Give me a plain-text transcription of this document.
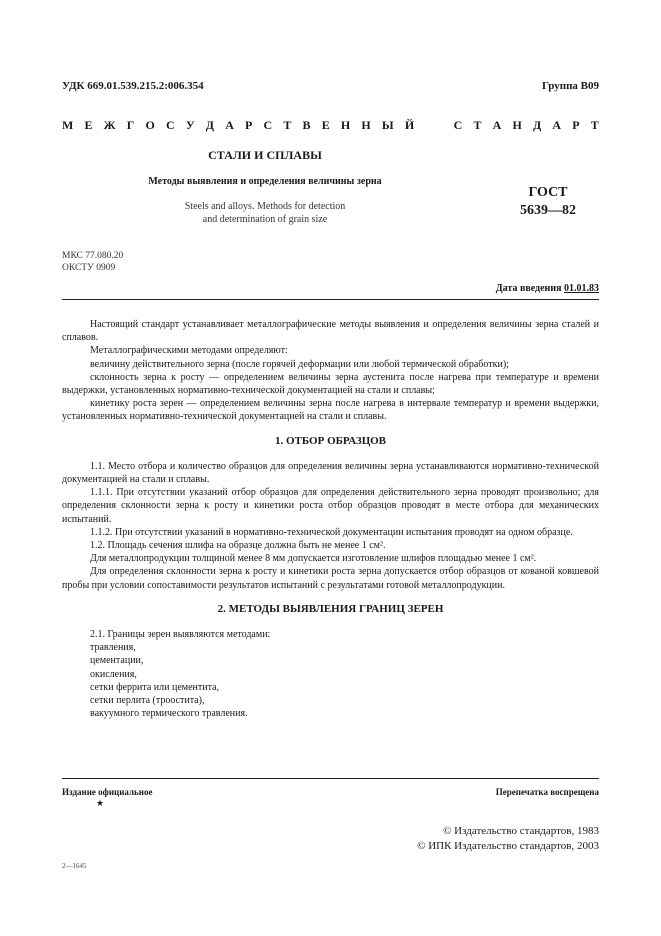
УДК 669.01.539.215.2:006.354	Группа В09
М Е Ж Г О С У Д А Р С Т В Е Н Н Ы Й

	С Т А Н Д А Р Т
СТАЛИ И СПЛАВЫ
Методы выявления и определения величины зерна
Steels and alloys. Methods for detection
and determination of grain size
ГОСТ
5639—82
МКС 77.080.20
ОКСТУ 0909
Дата введения 01.01.83

Настоящий стандарт устанавливает металлографические методы выявления и определения величины зерна сталей и сплавов.

Металлографическими методами определяют:

величину действительного зерна (после горячей деформации или любой термической обработки);

склонность зерна к росту — определением величины зерна аустенита после нагрева при температуре и времени выдержки, установленных нормативно-технической документацией на стали и сплавы;

кинетику роста зерен — определением величины зерна после нагрева в интервале температур и времени выдержки, установленных нормативно-технической документацией на стали и сплавы.

1. ОТБОР ОБРАЗЦОВ

1.1. Место отбора и количество образцов для определения величины зерна устанавливаются нормативно-технической документацией на стали и сплавы.

1.1.1. При отсутствии указаний отбор образцов для определения действительного зерна проводят произвольно; для определения склонности зерна к росту и кинетики роста отбор образцов проводят в месте отбора для механических испытаний.

1.1.2. При отсутствии указаний в нормативно-технической документации испытания проводят на одном образце.

1.2. Площадь сечения шлифа на образце должна быть не менее 1 см².

Для металлопродукции толщиной менее 8 мм допускается изготовление шлифов площадью менее 1 см².

Для определения склонности зерна к росту и кинетики роста зерна допускается отбор образцов от кованой ковшевой пробы при условии сопоставимости результатов испытаний с результатами готовой металлопродукции.

2. МЕТОДЫ ВЫЯВЛЕНИЯ ГРАНИЦ ЗЕРЕН

2.1. Границы зерен выявляются методами:

травления,

цементации,

окисления,

сетки феррита или цементита,

сетки перлита (троостита),

вакуумного термического травления.

Издание официальное
★
Перепечатка воспрещена
© Издательство стандартов, 1983
© ИПК Издательство стандартов, 2003
2—1645
